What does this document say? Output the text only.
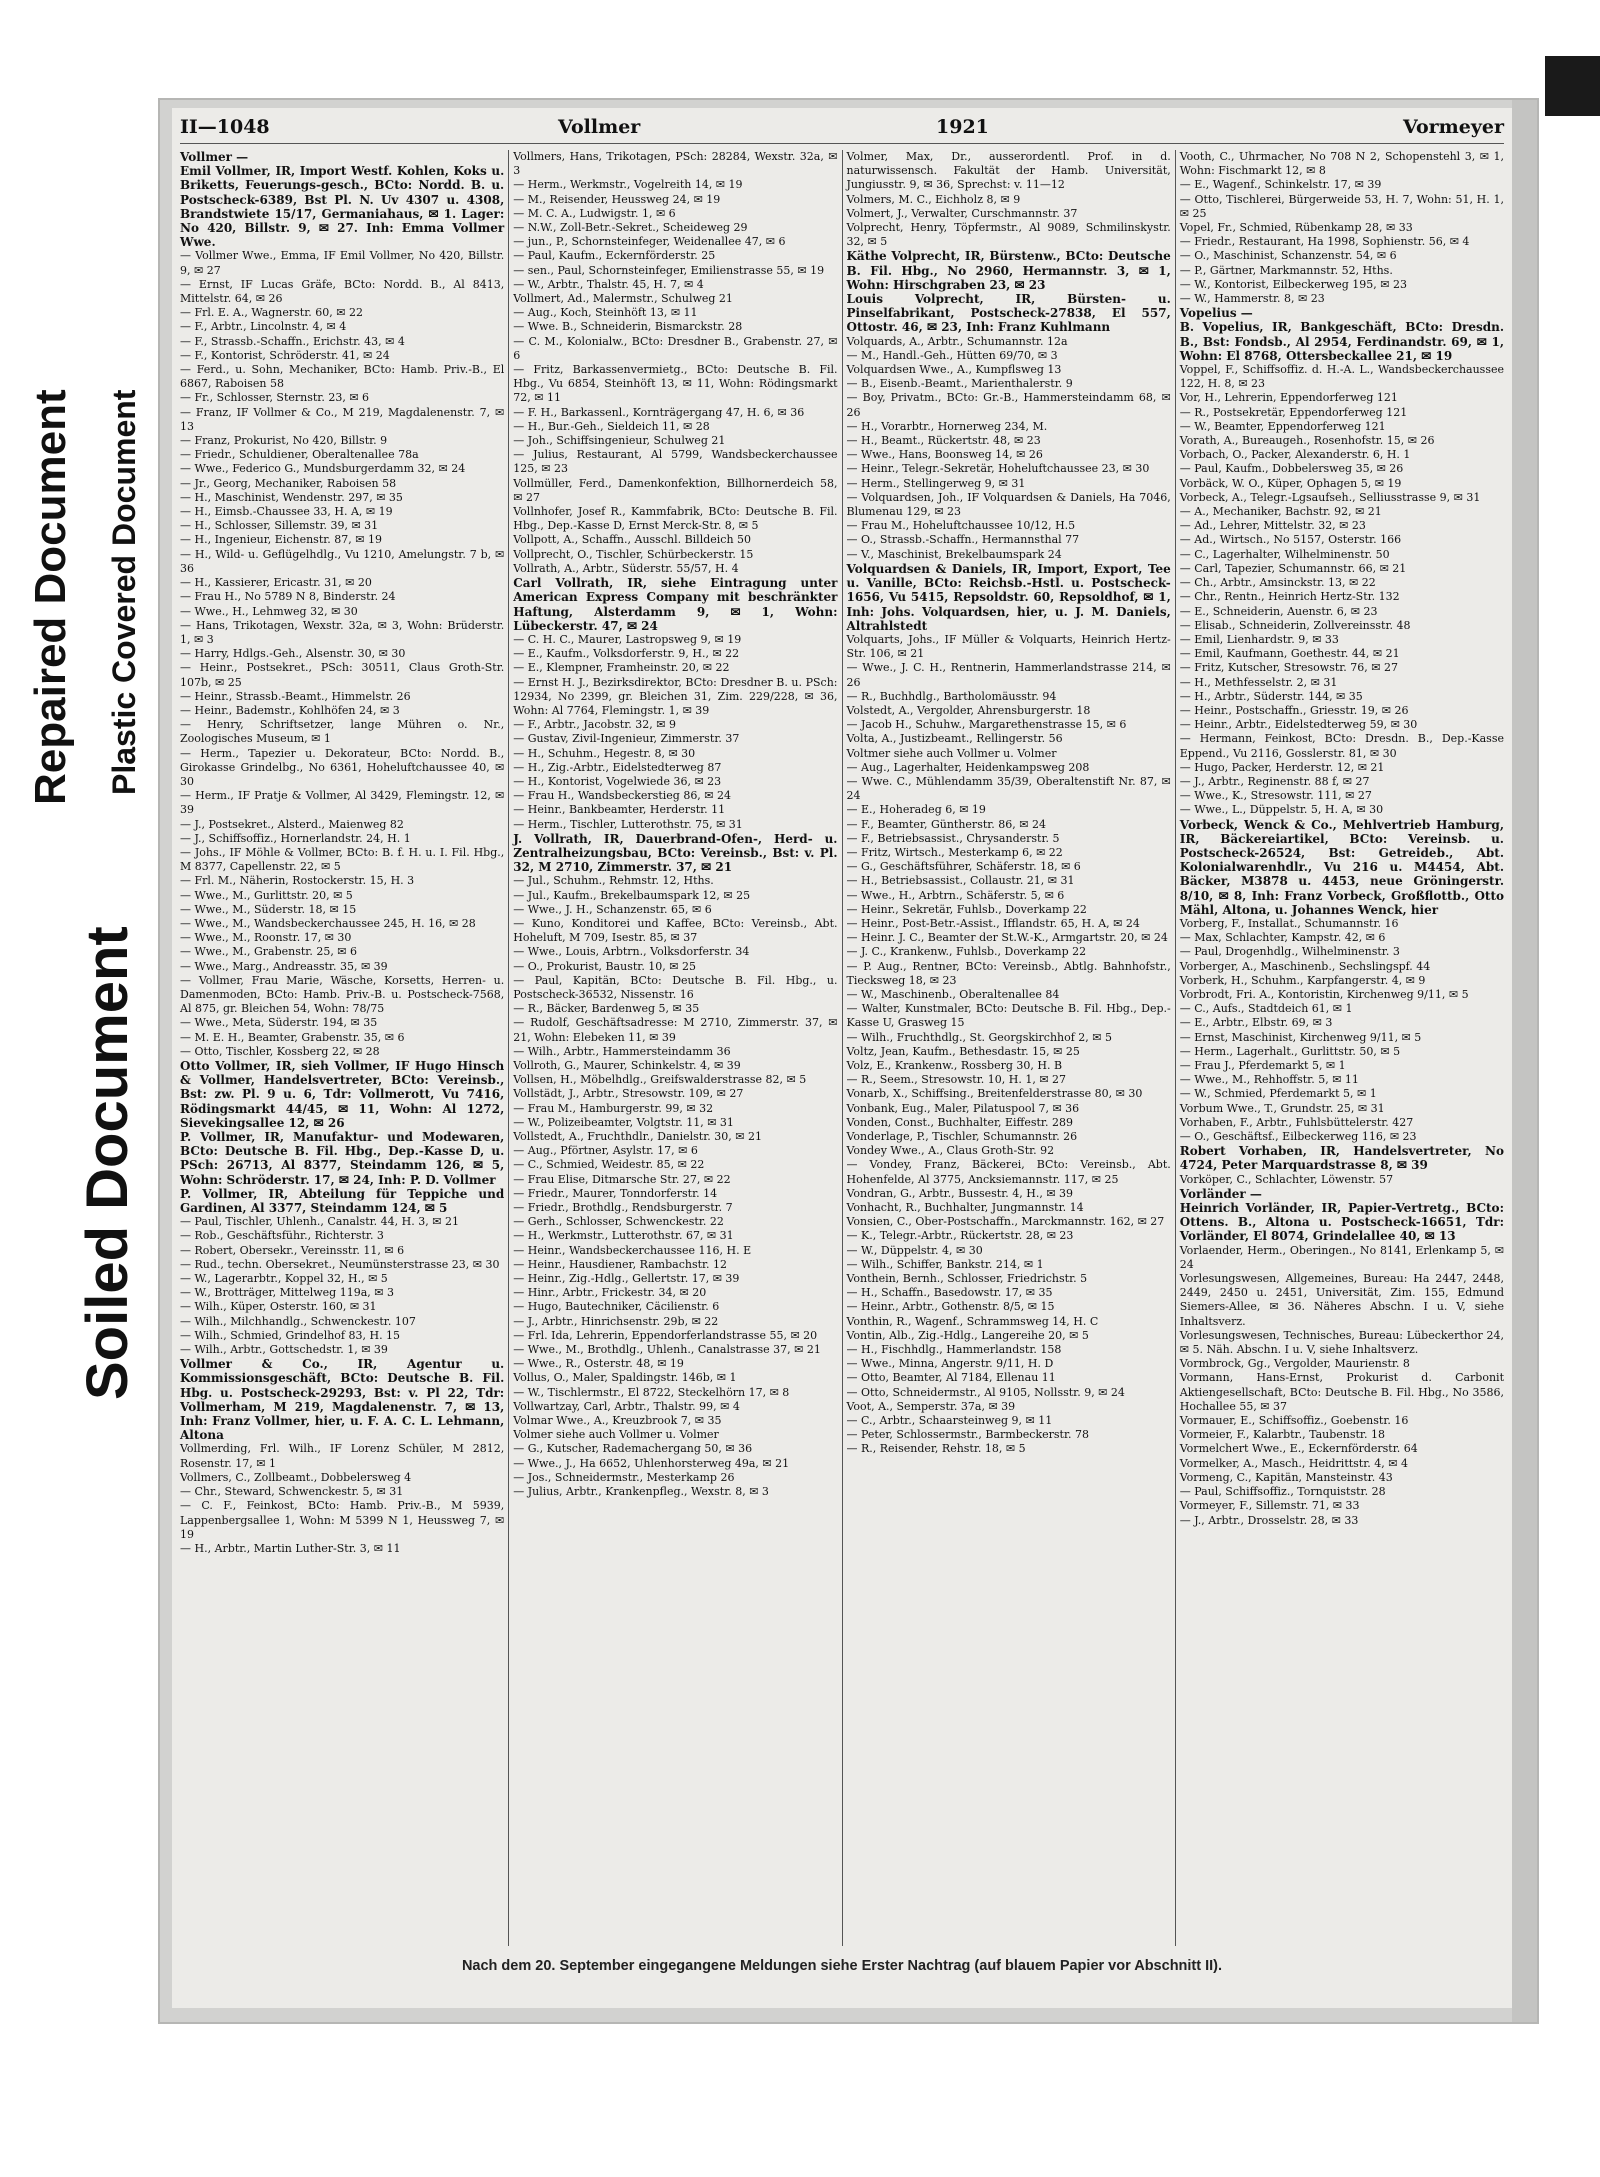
Repaired Document Plastic Covered Document
Soiled Document
II—1048	Vollmer	1921	Vormeyer

Vollmer —

Emil Vollmer, IR, Import Westf. Kohlen, Koks u. Briketts, Feuerungs-gesch., BCto: Nordd. B. u. Postscheck-6389, Bst Pl. N. Uv 4307 u. 4308, Brandstwiete 15/17, Germaniahaus, ✉ 1. Lager: No 420, Billstr. 9, ✉ 27. Inh: Emma Vollmer Wwe.

— Vollmer Wwe., Emma, IF Emil Vollmer, No 420, Billstr. 9, ✉ 27

— Ernst, IF Lucas Gräfe, BCto: Nordd. B., Al 8413, Mittelstr. 64, ✉ 26

— Frl. E. A., Wagnerstr. 60, ✉ 22

— F., Arbtr., Lincolnstr. 4, ✉ 4

— F., Strassb.-Schaffn., Erichstr. 43, ✉ 4

— F., Kontorist, Schröderstr. 41, ✉ 24

— Ferd., u. Sohn, Mechaniker, BCto: Hamb. Priv.-B., El 6867, Raboisen 58

— Fr., Schlosser, Sternstr. 23, ✉ 6

— Franz, IF Vollmer & Co., M 219, Magdalenenstr. 7, ✉ 13

— Franz, Prokurist, No 420, Billstr. 9

— Friedr., Schuldiener, Oberaltenallee 78a

— Wwe., Federico G., Mundsburgerdamm 32, ✉ 24

— Jr., Georg, Mechaniker, Raboisen 58

— H., Maschinist, Wendenstr. 297, ✉ 35

— H., Eimsb.-Chaussee 33, H. A, ✉ 19

— H., Schlosser, Sillemstr. 39, ✉ 31

— H., Ingenieur, Eichenstr. 87, ✉ 19

— H., Wild- u. Geflügelhdlg., Vu 1210, Amelungstr. 7 b, ✉ 36

— H., Kassierer, Ericastr. 31, ✉ 20

— Frau H., No 5789 N 8, Binderstr. 24

— Wwe., H., Lehmweg 32, ✉ 30

— Hans, Trikotagen, Wexstr. 32a, ✉ 3, Wohn: Brüderstr. 1, ✉ 3

— Harry, Hdlgs.-Geh., Alsenstr. 30, ✉ 30

— Heinr., Postsekret., PSch: 30511, Claus Groth-Str. 107b, ✉ 25

— Heinr., Strassb.-Beamt., Himmelstr. 26

— Heinr., Bademstr., Kohlhöfen 24, ✉ 3

— Henry, Schriftsetzer, lange Mühren o. Nr., Zoologisches Museum, ✉ 1

— Herm., Tapezier u. Dekorateur, BCto: Nordd. B., Girokasse Grindelbg., No 6361, Hoheluftchaussee 40, ✉ 30

— Herm., IF Pratje & Vollmer, Al 3429, Flemingstr. 12, ✉ 39

— J., Postsekret., Alsterd., Maienweg 82

— J., Schiffsoffiz., Hornerlandstr. 24, H. 1

— Johs., IF Möhle & Vollmer, BCto: B. f. H. u. I. Fil. Hbg., M 8377, Capellenstr. 22, ✉ 5

— Frl. M., Näherin, Rostockerstr. 15, H. 3

— Wwe., M., Gurlittstr. 20, ✉ 5

— Wwe., M., Süderstr. 18, ✉ 15

— Wwe., M., Wandsbeckerchaussee 245, H. 16, ✉ 28

— Wwe., M., Roonstr. 17, ✉ 30

— Wwe., M., Grabenstr. 25, ✉ 6

— Wwe., Marg., Andreasstr. 35, ✉ 39

— Vollmer, Frau Marie, Wäsche, Korsetts, Herren- u. Damenmoden, BCto: Hamb. Priv.-B. u. Postscheck-7568, Al 875, gr. Bleichen 54, Wohn: 78/75

— Wwe., Meta, Süderstr. 194, ✉ 35

— M. E. H., Beamter, Grabenstr. 35, ✉ 6

— Otto, Tischler, Kossberg 22, ✉ 28

Otto Vollmer, IR, sieh Vollmer, IF Hugo Hinsch & Vollmer, Handelsvertreter, BCto: Vereinsb., Bst: zw. Pl. 9 u. 6, Tdr: Vollmerott, Vu 7416, Rödingsmarkt 44/45, ✉ 11, Wohn: Al 1272, Sievekingsallee 12, ✉ 26

P. Vollmer, IR, Manufaktur- und Modewaren, BCto: Deutsche B. Fil. Hbg., Dep.-Kasse D, u. PSch: 26713, Al 8377, Steindamm 126, ✉ 5, Wohn: Schröderstr. 17, ✉ 24, Inh: P. D. Vollmer

P. Vollmer, IR, Abteilung für Teppiche und Gardinen, Al 3377, Steindamm 124, ✉ 5

— Paul, Tischler, Uhlenh., Canalstr. 44, H. 3, ✉ 21

— Rob., Geschäftsführ., Richterstr. 3

— Robert, Obersekr., Vereinsstr. 11, ✉ 6

— Rud., techn. Obersekret., Neumünsterstrasse 23, ✉ 30

— W., Lagerarbtr., Koppel 32, H., ✉ 5

— W., Brotträger, Mittelweg 119a, ✉ 3

— Wilh., Küper, Osterstr. 160, ✉ 31

— Wilh., Milchhandlg., Schwenckestr. 107

— Wilh., Schmied, Grindelhof 83, H. 15

— Wilh., Arbtr., Gottschedstr. 1, ✉ 39

Vollmer & Co., IR, Agentur u. Kommissionsgeschäft, BCto: Deutsche B. Fil. Hbg. u. Postscheck-29293, Bst: v. Pl 22, Tdr: Vollmerham, M 219, Magdalenenstr. 7, ✉ 13, Inh: Franz Vollmer, hier, u. F. A. C. L. Lehmann, Altona

Vollmerding, Frl. Wilh., IF Lorenz Schüler, M 2812, Rosenstr. 17, ✉ 1

Vollmers, C., Zollbeamt., Dobbelersweg 4

— Chr., Steward, Schwenckestr. 5, ✉ 31

— C. F., Feinkost, BCto: Hamb. Priv.-B., M 5939, Lappenbergsallee 1, Wohn: M 5399 N 1, Heussweg 7, ✉ 19

— H., Arbtr., Martin Luther-Str. 3, ✉ 11

Vollmers, Hans, Trikotagen, PSch: 28284, Wexstr. 32a, ✉ 3

— Herm., Werkmstr., Vogelreith 14, ✉ 19

— M., Reisender, Heussweg 24, ✉ 19

— M. C. A., Ludwigstr. 1, ✉ 6

— N.W., Zoll-Betr.-Sekret., Scheideweg 29

— jun., P., Schornsteinfeger, Weidenallee 47, ✉ 6

— Paul, Kaufm., Eckernförderstr. 25

— sen., Paul, Schornsteinfeger, Emilienstrasse 55, ✉ 19

— W., Arbtr., Thalstr. 45, H. 7, ✉ 4

Vollmert, Ad., Malermstr., Schulweg 21

— Aug., Koch, Steinhöft 13, ✉ 11

— Wwe. B., Schneiderin, Bismarckstr. 28

— C. M., Kolonialw., BCto: Dresdner B., Grabenstr. 27, ✉ 6

— Fritz, Barkassenvermietg., BCto: Deutsche B. Fil. Hbg., Vu 6854, Steinhöft 13, ✉ 11, Wohn: Rödingsmarkt 72, ✉ 11

— F. H., Barkassenl., Kornträgergang 47, H. 6, ✉ 36

— H., Bur.-Geh., Sieldeich 11, ✉ 28

— Joh., Schiffsingenieur, Schulweg 21

— Julius, Restaurant, Al 5799, Wandsbeckerchaussee 125, ✉ 23

Vollmüller, Ferd., Damenkonfektion, Billhornerdeich 58, ✉ 27

Vollnhofer, Josef R., Kammfabrik, BCto: Deutsche B. Fil. Hbg., Dep.-Kasse D, Ernst Merck-Str. 8, ✉ 5

Vollpott, A., Schaffn., Ausschl. Billdeich 50

Vollprecht, O., Tischler, Schürbeckerstr. 15

Vollrath, A., Arbtr., Süderstr. 55/57, H. 4

Carl Vollrath, IR, siehe Eintragung unter American Express Company mit beschränkter Haftung, Alsterdamm 9, ✉ 1, Wohn: Lübeckerstr. 47, ✉ 24

— C. H. C., Maurer, Lastropsweg 9, ✉ 19

— E., Kaufm., Volksdorferstr. 9, H., ✉ 22

— E., Klempner, Framheinstr. 20, ✉ 22

— Ernst H. J., Bezirksdirektor, BCto: Dresdner B. u. PSch: 12934, No 2399, gr. Bleichen 31, Zim. 229/228, ✉ 36, Wohn: Al 7764, Flemingstr. 1, ✉ 39

— F., Arbtr., Jacobstr. 32, ✉ 9

— Gustav, Zivil-Ingenieur, Zimmerstr. 37

— H., Schuhm., Hegestr. 8, ✉ 30

— H., Zig.-Arbtr., Eidelstedterweg 87

— H., Kontorist, Vogelwiede 36, ✉ 23

— Frau H., Wandsbeckerstieg 86, ✉ 24

— Heinr., Bankbeamter, Herderstr. 11

— Herm., Tischler, Lutterothstr. 75, ✉ 31

J. Vollrath, IR, Dauerbrand-Ofen-, Herd- u. Zentralheizungsbau, BCto: Vereinsb., Bst: v. Pl. 32, M 2710, Zimmerstr. 37, ✉ 21

— Jul., Schuhm., Rehmstr. 12, Hths.

— Jul., Kaufm., Brekelbaumspark 12, ✉ 25

— Wwe., J. H., Schanzenstr. 65, ✉ 6

— Kuno, Konditorei und Kaffee, BCto: Vereinsb., Abt. Hoheluft, M 709, Isestr. 85, ✉ 37

— Wwe., Louis, Arbtrn., Volksdorferstr. 34

— O., Prokurist, Baustr. 10, ✉ 25

— Paul, Kapitän, BCto: Deutsche B. Fil. Hbg., u. Postscheck-36532, Nissenstr. 16

— R., Bäcker, Bardenweg 5, ✉ 35

— Rudolf, Geschäftsadresse: M 2710, Zimmerstr. 37, ✉ 21, Wohn: Elebeken 11, ✉ 39

— Wilh., Arbtr., Hammersteindamm 36

Vollroth, G., Maurer, Schinkelstr. 4, ✉ 39

Vollsen, H., Möbelhdlg., Greifswalderstrasse 82, ✉ 5

Vollstädt, J., Arbtr., Stresowstr. 109, ✉ 27

— Frau M., Hamburgerstr. 99, ✉ 32

— W., Polizeibeamter, Volgtstr. 11, ✉ 31

Vollstedt, A., Fruchthdlr., Danielstr. 30, ✉ 21

— Aug., Pförtner, Asylstr. 17, ✉ 6

— C., Schmied, Weidestr. 85, ✉ 22

— Frau Elise, Ditmarsche Str. 27, ✉ 22

— Friedr., Maurer, Tonndorferstr. 14

— Friedr., Brothdlg., Rendsburgerstr. 7

— Gerh., Schlosser, Schwenckestr. 22

— H., Werkmstr., Lutterothstr. 67, ✉ 31

— Heinr., Wandsbeckerchaussee 116, H. E

— Heinr., Hausdiener, Rambachstr. 12

— Heinr., Zig.-Hdlg., Gellertstr. 17, ✉ 39

— Hinr., Arbtr., Frickestr. 34, ✉ 20

— Hugo, Bautechniker, Cäcilienstr. 6

— J., Arbtr., Hinrichsenstr. 29b, ✉ 22

— Frl. Ida, Lehrerin, Eppendorferlandstrasse 55, ✉ 20

— Wwe., M., Brothdlg., Uhlenh., Canalstrasse 37, ✉ 21

— Wwe., R., Osterstr. 48, ✉ 19

Vollus, O., Maler, Spaldingstr. 146b, ✉ 1

— W., Tischlermstr., El 8722, Steckelhörn 17, ✉ 8

Vollwartzay, Carl, Arbtr., Thalstr. 99, ✉ 4

Volmar Wwe., A., Kreuzbrook 7, ✉ 35

Volmer siehe auch Vollmer u. Volmer

— G., Kutscher, Rademachergang 50, ✉ 36

— Wwe., J., Ha 6652, Uhlenhorsterweg 49a, ✉ 21

— Jos., Schneidermstr., Mesterkamp 26

— Julius, Arbtr., Krankenpfleg., Wexstr. 8, ✉ 3

Volmer, Max, Dr., ausserordentl. Prof. in d. naturwissensch. Fakultät der Hamb. Universität, Jungiusstr. 9, ✉ 36, Sprechst: v. 11—12

Volmers, M. C., Eichholz 8, ✉ 9

Volmert, J., Verwalter, Curschmannstr. 37

Volprecht, Henry, Töpfermstr., Al 9089, Schmilinskystr. 32, ✉ 5

Käthe Volprecht, IR, Bürstenw., BCto: Deutsche B. Fil. Hbg., No 2960, Hermannstr. 3, ✉ 1, Wohn: Hirschgraben 23, ✉ 23

Louis Volprecht, IR, Bürsten- u. Pinselfabrikant, Postscheck-27838, El 557, Ottostr. 46, ✉ 23, Inh: Franz Kuhlmann

Volquards, A., Arbtr., Schumannstr. 12a

— M., Handl.-Geh., Hütten 69/70, ✉ 3

Volquardsen Wwe., A., Kumpflsweg 13

— B., Eisenb.-Beamt., Marienthalerstr. 9

— Boy, Privatm., BCto: Gr.-B., Hammersteindamm 68, ✉ 26

— H., Vorarbtr., Hornerweg 234, M.

— H., Beamt., Rückertstr. 48, ✉ 23

— Wwe., Hans, Boonsweg 14, ✉ 26

— Heinr., Telegr.-Sekretär, Hoheluftchaussee 23, ✉ 30

— Herm., Stellingerweg 9, ✉ 31

— Volquardsen, Joh., IF Volquardsen & Daniels, Ha 7046, Blumenau 129, ✉ 23

— Frau M., Hoheluftchaussee 10/12, H.5

— O., Strassb.-Schaffn., Hermannsthal 77

— V., Maschinist, Brekelbaumspark 24

Volquardsen & Daniels, IR, Import, Export, Tee u. Vanille, BCto: Reichsb.-Hstl. u. Postscheck-1656, Vu 5415, Repsoldstr. 60, Repsoldhof, ✉ 1, Inh: Johs. Volquardsen, hier, u. J. M. Daniels, Altrahlstedt

Volquarts, Johs., IF Müller & Volquarts, Heinrich Hertz-Str. 106, ✉ 21

— Wwe., J. C. H., Rentnerin, Hammerlandstrasse 214, ✉ 26

— R., Buchhdlg., Bartholomäusstr. 94

Volstedt, A., Vergolder, Ahrensburgerstr. 18

— Jacob H., Schuhw., Margarethenstrasse 15, ✉ 6

Volta, A., Justizbeamt., Rellingerstr. 56

Voltmer siehe auch Vollmer u. Volmer

— Aug., Lagerhalter, Heidenkampsweg 208

— Wwe. C., Mühlendamm 35/39, Oberaltenstift Nr. 87, ✉ 24

— E., Hoheradeg 6, ✉ 19

— F., Beamter, Güntherstr. 86, ✉ 24

— F., Betriebsassist., Chrysanderstr. 5

— Fritz, Wirtsch., Mesterkamp 6, ✉ 22

— G., Geschäftsführer, Schäferstr. 18, ✉ 6

— H., Betriebsassist., Collaustr. 21, ✉ 31

— Wwe., H., Arbtrn., Schäferstr. 5, ✉ 6

— Heinr., Sekretär, Fuhlsb., Doverkamp 22

— Heinr., Post-Betr.-Assist., Ifflandstr. 65, H. A, ✉ 24

— Heinr. J. C., Beamter der St.W.-K., Armgartstr. 20, ✉ 24

— J. C., Krankenw., Fuhlsb., Doverkamp 22

— P. Aug., Rentner, BCto: Vereinsb., Abtlg. Bahnhofstr., Tiecksweg 18, ✉ 23

— W., Maschinenb., Oberaltenallee 84

— Walter, Kunstmaler, BCto: Deutsche B. Fil. Hbg., Dep.-Kasse U, Grasweg 15

— Wilh., Fruchthdlg., St. Georgskirchhof 2, ✉ 5

Voltz, Jean, Kaufm., Bethesdastr. 15, ✉ 25

Volz, E., Krankenw., Rossberg 30, H. B

— R., Seem., Stresowstr. 10, H. 1, ✉ 27

Vonarb, X., Schiffsing., Breitenfelderstrasse 80, ✉ 30

Vonbank, Eug., Maler, Pilatuspool 7, ✉ 36

Vonden, Const., Buchhalter, Eiffestr. 289

Vonderlage, P., Tischler, Schumannstr. 26

Vondey Wwe., A., Claus Groth-Str. 92

— Vondey, Franz, Bäckerei, BCto: Vereinsb., Abt. Hohenfelde, Al 3775, Ancksiemannstr. 117, ✉ 25

Vondran, G., Arbtr., Bussestr. 4, H., ✉ 39

Vonhacht, R., Buchhalter, Jungmannstr. 14

Vonsien, C., Ober-Postschaffn., Marckmannstr. 162, ✉ 27

— K., Telegr.-Arbtr., Rückertstr. 28, ✉ 23

— W., Düppelstr. 4, ✉ 30

— Wilh., Schiffer, Bankstr. 214, ✉ 1

Vonthein, Bernh., Schlosser, Friedrichstr. 5

— H., Schaffn., Basedowstr. 17, ✉ 35

— Heinr., Arbtr., Gothenstr. 8/5, ✉ 15

Vonthin, R., Wagenf., Schrammsweg 14, H. C

Vontin, Alb., Zig.-Hdlg., Langereihe 20, ✉ 5

— H., Fischhdlg., Hammerlandstr. 158

— Wwe., Minna, Angerstr. 9/11, H. D

— Otto, Beamter, Al 7184, Ellenau 11

— Otto, Schneidermstr., Al 9105, Nollsstr. 9, ✉ 24

Voot, A., Semperstr. 37a, ✉ 39

— C., Arbtr., Schaarsteinweg 9, ✉ 11

— Peter, Schlossermstr., Barmbeckerstr. 78

— R., Reisender, Rehstr. 18, ✉ 5

Vooth, C., Uhrmacher, No 708 N 2, Schopenstehl 3, ✉ 1, Wohn: Fischmarkt 12, ✉ 8

— E., Wagenf., Schinkelstr. 17, ✉ 39

— Otto, Tischlerei, Bürgerweide 53, H. 7, Wohn: 51, H. 1, ✉ 25

Vopel, Fr., Schmied, Rübenkamp 28, ✉ 33

— Friedr., Restaurant, Ha 1998, Sophienstr. 56, ✉ 4

— O., Maschinist, Schanzenstr. 54, ✉ 6

— P., Gärtner, Markmannstr. 52, Hths.

— W., Kontorist, Eilbeckerweg 195, ✉ 23

— W., Hammerstr. 8, ✉ 23

Vopelius —

B. Vopelius, IR, Bankgeschäft, BCto: Dresdn. B., Bst: Fondsb., Al 2954, Ferdinandstr. 69, ✉ 1, Wohn: El 8768, Ottersbeckallee 21, ✉ 19

Voppel, F., Schiffsoffiz. d. H.-A. L., Wandsbeckerchaussee 122, H. 8, ✉ 23

Vor, H., Lehrerin, Eppendorferweg 121

— R., Postsekretär, Eppendorferweg 121

— W., Beamter, Eppendorferweg 121

Vorath, A., Bureaugeh., Rosenhofstr. 15, ✉ 26

Vorbach, O., Packer, Alexanderstr. 6, H. 1

— Paul, Kaufm., Dobbelersweg 35, ✉ 26

Vorbäck, W. O., Küper, Ophagen 5, ✉ 19

Vorbeck, A., Telegr.-Lgsaufseh., Selliusstrasse 9, ✉ 31

— A., Mechaniker, Bachstr. 92, ✉ 21

— Ad., Lehrer, Mittelstr. 32, ✉ 23

— Ad., Wirtsch., No 5157, Osterstr. 166

— C., Lagerhalter, Wilhelminenstr. 50

— Carl, Tapezier, Schumannstr. 66, ✉ 21

— Ch., Arbtr., Amsinckstr. 13, ✉ 22

— Chr., Rentn., Heinrich Hertz-Str. 132

— E., Schneiderin, Auenstr. 6, ✉ 23

— Elisab., Schneiderin, Zollvereinsstr. 48

— Emil, Lienhardstr. 9, ✉ 33

— Emil, Kaufmann, Goethestr. 44, ✉ 21

— Fritz, Kutscher, Stresowstr. 76, ✉ 27

— H., Methfesselstr. 2, ✉ 31

— H., Arbtr., Süderstr. 144, ✉ 35

— Heinr., Postschaffn., Griesstr. 19, ✉ 26

— Heinr., Arbtr., Eidelstedterweg 59, ✉ 30

— Hermann, Feinkost, BCto: Dresdn. B., Dep.-Kasse Eppend., Vu 2116, Gosslerstr. 81, ✉ 30

— Hugo, Packer, Herderstr. 12, ✉ 21

— J., Arbtr., Reginenstr. 88 f, ✉ 27

— Wwe., K., Stresowstr. 111, ✉ 27

— Wwe., L., Düppelstr. 5, H. A, ✉ 30

Vorbeck, Wenck & Co., Mehlvertrieb Hamburg, IR, Bäckereiartikel, BCto: Vereinsb. u. Postscheck-26524, Bst: Getreideb., Abt. Kolonialwarenhdlr., Vu 216 u. M4454, Abt. Bäcker, M3878 u. 4453, neue Gröningerstr. 8/10, ✉ 8, Inh: Franz Vorbeck, Großflottb., Otto Mähl, Altona, u. Johannes Wenck, hier

Vorberg, F., Installat., Schumannstr. 16

— Max, Schlachter, Kampstr. 42, ✉ 6

— Paul, Drogenhdlg., Wilhelminenstr. 3

Vorberger, A., Maschinenb., Sechslingspf. 44

Vorberk, H., Schuhm., Karpfangerstr. 4, ✉ 9

Vorbrodt, Fri. A., Kontoristin, Kirchenweg 9/11, ✉ 5

— C., Aufs., Stadtdeich 61, ✉ 1

— E., Arbtr., Elbstr. 69, ✉ 3

— Ernst, Maschinist, Kirchenweg 9/11, ✉ 5

— Herm., Lagerhalt., Gurlittstr. 50, ✉ 5

— Frau J., Pferdemarkt 5, ✉ 1

— Wwe., M., Rehhoffstr. 5, ✉ 11

— W., Schmied, Pferdemarkt 5, ✉ 1

Vorbum Wwe., T., Grundstr. 25, ✉ 31

Vorhaben, F., Arbtr., Fuhlsbüttelerstr. 427

— O., Geschäftsf., Eilbeckerweg 116, ✉ 23

Robert Vorhaben, IR, Handelsvertreter, No 4724, Peter Marquardstrasse 8, ✉ 39

Vorköper, C., Schlachter, Löwenstr. 57

Vorländer —

Heinrich Vorländer, IR, Papier-Vertretg., BCto: Ottens. B., Altona u. Postscheck-16651, Tdr: Vorländer, El 8074, Grindelallee 40, ✉ 13

Vorlaender, Herm., Oberingen., No 8141, Erlenkamp 5, ✉ 24

Vorlesungswesen, Allgemeines, Bureau: Ha 2447, 2448, 2449, 2450 u. 2451, Universität, Zim. 155, Edmund Siemers-Allee, ✉ 36. Näheres Abschn. I u. V, siehe Inhaltsverz.

Vorlesungswesen, Technisches, Bureau: Lübeckerthor 24, ✉ 5. Näh. Abschn. I u. V, siehe Inhaltsverz.

Vormbrock, Gg., Vergolder, Maurienstr. 8

Vormann, Hans-Ernst, Prokurist d. Carbonit Aktiengesellschaft, BCto: Deutsche B. Fil. Hbg., No 3586, Hochallee 55, ✉ 37

Vormauer, E., Schiffsoffiz., Goebenstr. 16

Vormeier, F., Kalarbtr., Taubenstr. 18

Vormelchert Wwe., E., Eckernförderstr. 64

Vormelker, A., Masch., Heidrittstr. 4, ✉ 4

Vormeng, C., Kapitän, Mansteinstr. 43

— Paul, Schiffsoffiz., Tornquiststr. 28

Vormeyer, F., Sillemstr. 71, ✉ 33

— J., Arbtr., Drosselstr. 28, ✉ 33

Nach dem 20. September eingegangene Meldungen siehe Erster Nachtrag (auf blauem Papier vor Abschnitt II).
